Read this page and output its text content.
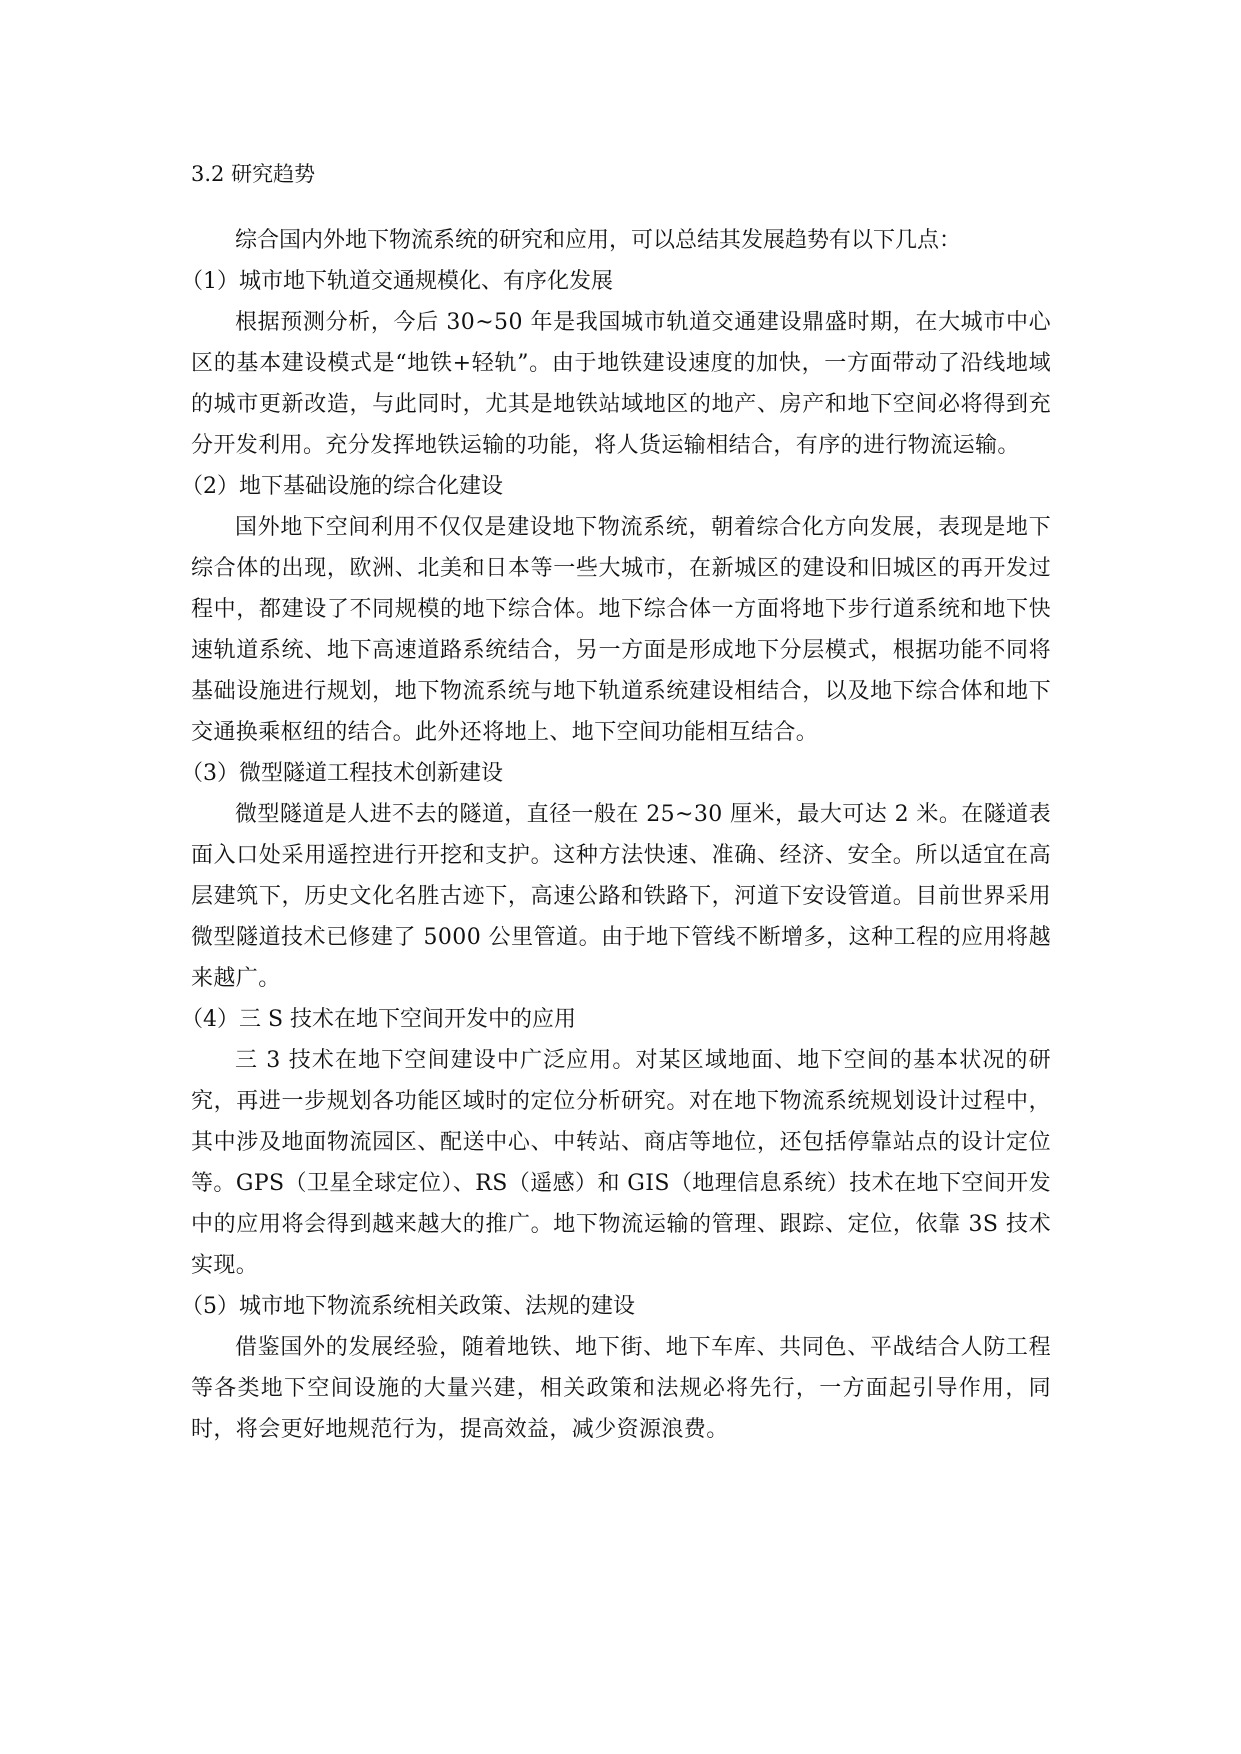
3.2 研究趋势

综合国内外地下物流系统的研究和应用，可以总结其发展趋势有以下几点：

（1）城市地下轨道交通规模化、有序化发展

根据预测分析，今后 30~50 年是我国城市轨道交通建设鼎盛时期，在大城市中心区的基本建设模式是“地铁+轻轨”。由于地铁建设速度的加快，一方面带动了沿线地域的城市更新改造，与此同时，尤其是地铁站域地区的地产、房产和地下空间必将得到充分开发利用。充分发挥地铁运输的功能，将人货运输相结合，有序的进行物流运输。

（2）地下基础设施的综合化建设

国外地下空间利用不仅仅是建设地下物流系统，朝着综合化方向发展，表现是地下综合体的出现，欧洲、北美和日本等一些大城市，在新城区的建设和旧城区的再开发过程中，都建设了不同规模的地下综合体。地下综合体一方面将地下步行道系统和地下快速轨道系统、地下高速道路系统结合，另一方面是形成地下分层模式，根据功能不同将基础设施进行规划，地下物流系统与地下轨道系统建设相结合，以及地下综合体和地下交通换乘枢纽的结合。此外还将地上、地下空间功能相互结合。

（3）微型隧道工程技术创新建设

微型隧道是人进不去的隧道，直径一般在 25~30 厘米，最大可达 2 米。在隧道表面入口处采用遥控进行开挖和支护。这种方法快速、准确、经济、安全。所以适宜在高层建筑下，历史文化名胜古迹下，高速公路和铁路下，河道下安设管道。目前世界采用微型隧道技术已修建了 5000 公里管道。由于地下管线不断增多，这种工程的应用将越来越广。

（4）三 S 技术在地下空间开发中的应用

三 3 技术在地下空间建设中广泛应用。对某区域地面、地下空间的基本状况的研究，再进一步规划各功能区域时的定位分析研究。对在地下物流系统规划设计过程中，其中涉及地面物流园区、配送中心、中转站、商店等地位，还包括停靠站点的设计定位等。GPS（卫星全球定位）、RS（遥感）和 GIS（地理信息系统）技术在地下空间开发中的应用将会得到越来越大的推广。地下物流运输的管理、跟踪、定位，依靠 3S 技术实现。

（5）城市地下物流系统相关政策、法规的建设

借鉴国外的发展经验，随着地铁、地下街、地下车库、共同色、平战结合人防工程等各类地下空间设施的大量兴建，相关政策和法规必将先行，一方面起引导作用，同时，将会更好地规范行为，提高效益，减少资源浪费。
